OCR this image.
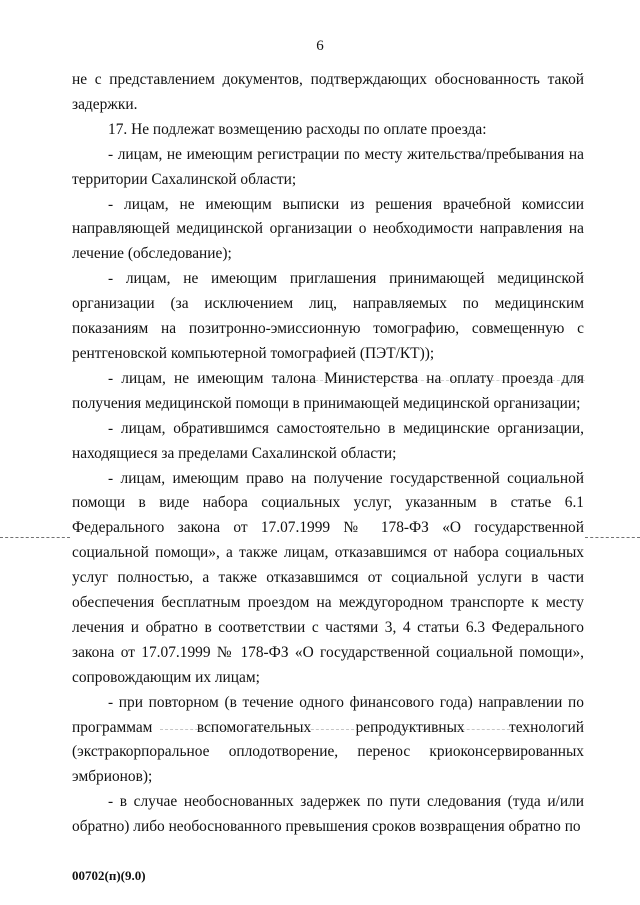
6

не с представлением документов, подтверждающих обоснованность такой задержки.

17. Не подлежат возмещению расходы по оплате проезда:

- лицам, не имеющим регистрации по месту жительства/пребывания на территории Сахалинской области;

- лицам, не имеющим выписки из решения врачебной комиссии направляющей медицинской организации о необходимости направления на лечение (обследование);

- лицам, не имеющим приглашения принимающей медицинской организации (за исключением лиц, направляемых по медицинским показаниям на позитронно-эмиссионную томографию, совмещенную с рентгеновской компьютерной томографией (ПЭТ/КТ));

- лицам, не имеющим талона Министерства на оплату проезда для получения медицинской помощи в принимающей медицинской организации;

- лицам, обратившимся самостоятельно в медицинские организации, находящиеся за пределами Сахалинской области;

- лицам, имеющим право на получение государственной социальной помощи в виде набора социальных услуг, указанным в статье 6.1 Федерального закона от 17.07.1999 № 178-ФЗ «О государственной социальной помощи», а также лицам, отказавшимся от набора социальных услуг полностью, а также отказавшимся от социальной услуги в части обеспечения бесплатным проездом на междугородном транспорте к месту лечения и обратно в соответствии с частями 3, 4 статьи 6.3 Федерального закона от 17.07.1999 № 178-ФЗ «О государственной социальной помощи», сопровождающим их лицам;

- при повторном (в течение одного финансового года) направлении по программам вспомогательных репродуктивных технологий (экстракорпоральное оплодотворение, перенос криоконсервированных эмбрионов);

- в случае необоснованных задержек по пути следования (туда и/или обратно) либо необоснованного превышения сроков возвращения обратно по

00702(п)(9.0)
